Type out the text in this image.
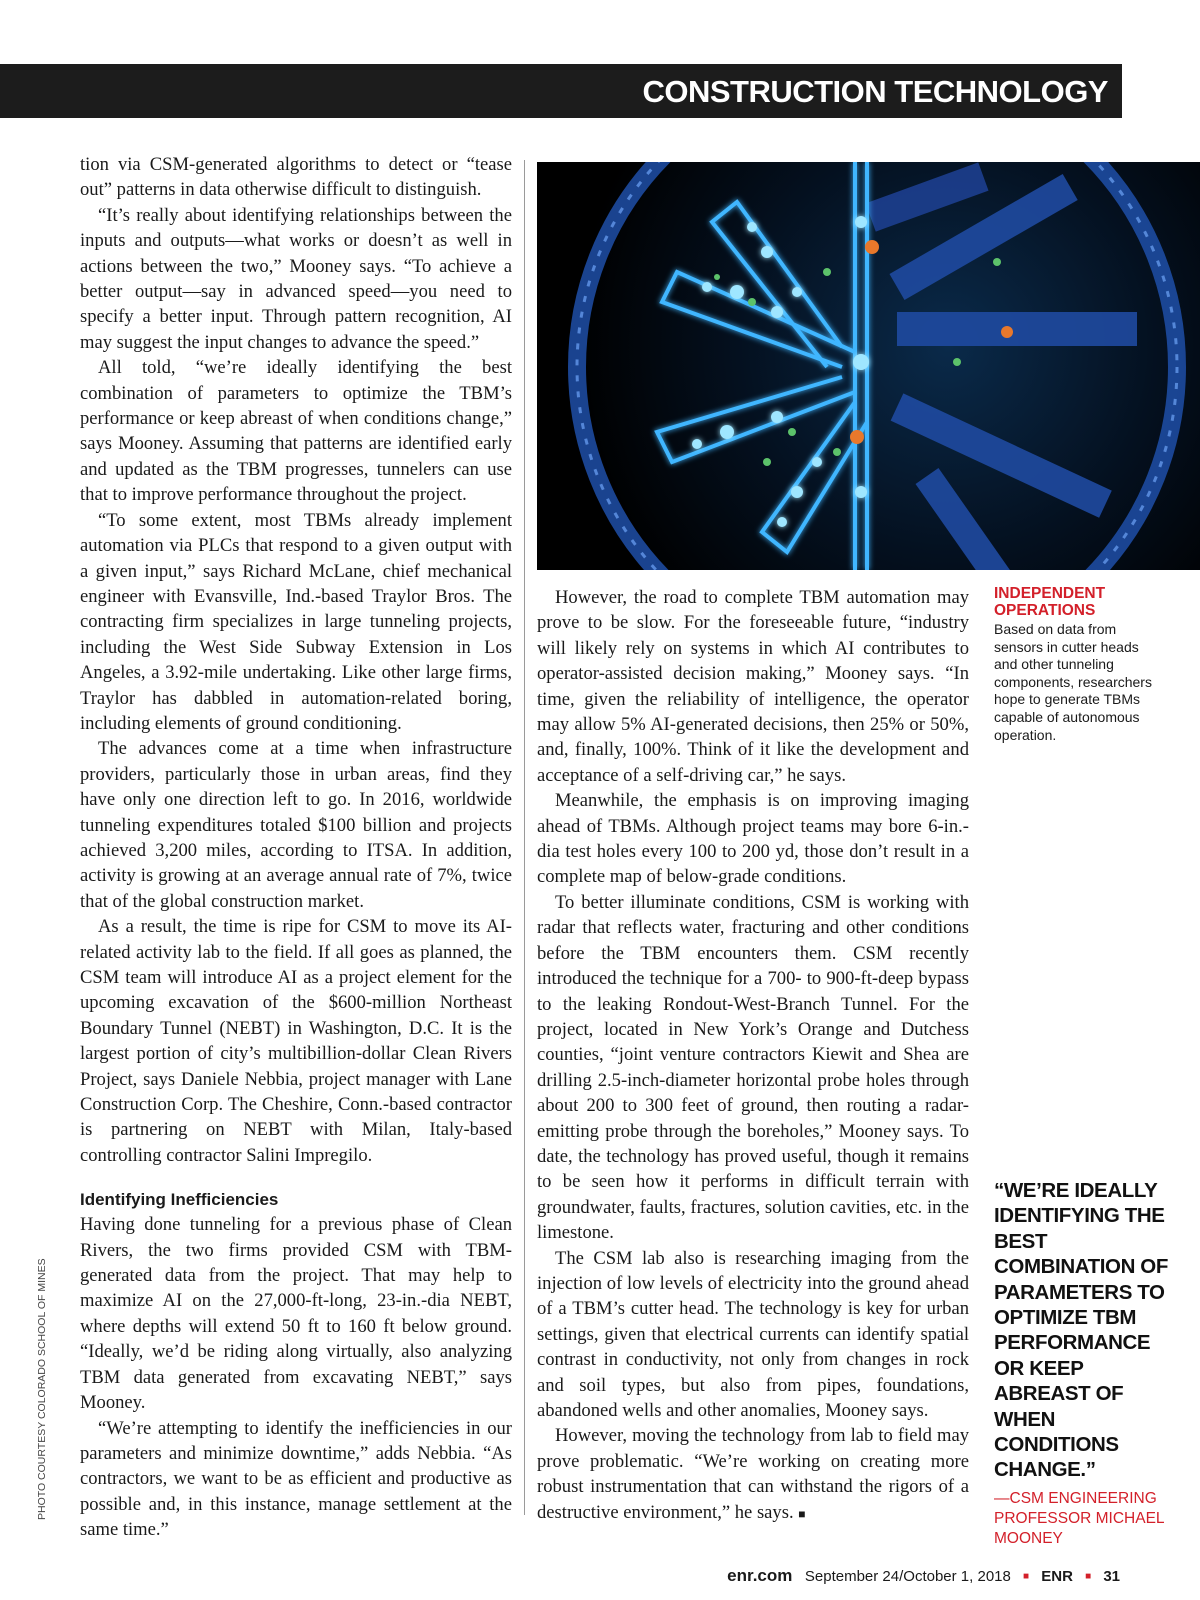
CONSTRUCTION TECHNOLOGY

tion via CSM-generated algorithms to detect or “tease out” patterns in data otherwise difficult to distinguish.

“It’s really about identifying relationships between the inputs and outputs—what works or doesn’t as well in actions between the two,” Mooney says. “To achieve a better output—say in advanced speed—you need to specify a better input. Through pattern recognition, AI may suggest the input changes to advance the speed.”

All told, “we’re ideally identifying the best combination of parameters to optimize the TBM’s performance or keep abreast of when conditions change,” says Mooney. Assuming that patterns are identified early and updated as the TBM progresses, tunnelers can use that to improve performance throughout the project.

“To some extent, most TBMs already implement automation via PLCs that respond to a given output with a given input,” says Richard McLane, chief mechanical engineer with Evansville, Ind.-based Traylor Bros. The contracting firm specializes in large tunneling projects, including the West Side Subway Extension in Los Angeles, a 3.92-mile undertaking. Like other large firms, Traylor has dabbled in automation-related boring, including elements of ground conditioning.

The advances come at a time when infrastructure providers, particularly those in urban areas, find they have only one direction left to go. In 2016, worldwide tunneling expenditures totaled $100 billion and projects achieved 3,200 miles, according to ITSA. In addition, activity is growing at an average annual rate of 7%, twice that of the global construction market.

As a result, the time is ripe for CSM to move its AI-related activity lab to the field. If all goes as planned, the CSM team will introduce AI as a project element for the upcoming excavation of the $600-million Northeast Boundary Tunnel (NEBT) in Washington, D.C. It is the largest portion of city’s multibillion-dollar Clean Rivers Project, says Daniele Nebbia, project manager with Lane Construction Corp. The Cheshire, Conn.-based contractor is partnering on NEBT with Milan, Italy-based controlling contractor Salini Impregilo.

Identifying Inefficiencies

Having done tunneling for a previous phase of Clean Rivers, the two firms provided CSM with TBM-generated data from the project. That may help to maximize AI on the 27,000-ft-long, 23-in.-dia NEBT, where depths will extend 50 ft to 160 ft below ground. “Ideally, we’d be riding along virtually, also analyzing TBM data generated from excavating NEBT,” says Mooney.

“We’re attempting to identify the inefficiencies in our parameters and minimize downtime,” adds Nebbia. “As contractors, we want to be as efficient and productive as possible and, in this instance, manage settlement at the same time.”

However, the road to complete TBM automation may prove to be slow. For the foreseeable future, “industry will likely rely on systems in which AI contributes to operator-assisted decision making,” Mooney says. “In time, given the reliability of intelligence, the operator may allow 5% AI-generated decisions, then 25% or 50%, and, finally, 100%. Think of it like the development and acceptance of a self-driving car,” he says.

Meanwhile, the emphasis is on improving imaging ahead of TBMs. Although project teams may bore 6-in.-dia test holes every 100 to 200 yd, those don’t result in a complete map of below-grade conditions.

To better illuminate conditions, CSM is working with radar that reflects water, fracturing and other conditions before the TBM encounters them. CSM recently introduced the technique for a 700- to 900-ft-deep bypass to the leaking Rondout-West-Branch Tunnel. For the project, located in New York’s Orange and Dutchess counties, “joint venture contractors Kiewit and Shea are drilling 2.5-inch-diameter horizontal probe holes through about 200 to 300 feet of ground, then routing a radar-emitting probe through the boreholes,” Mooney says. To date, the technology has proved useful, though it remains to be seen how it performs in difficult terrain with groundwater, faults, fractures, solution cavities, etc. in the limestone.

The CSM lab also is researching imaging from the injection of low levels of electricity into the ground ahead of a TBM’s cutter head. The technology is key for urban settings, given that electrical currents can identify spatial contrast in conductivity, not only from changes in rock and soil types, but also from pipes, foundations, abandoned wells and other anomalies, Mooney says.

However, moving the technology from lab to field may prove problematic. “We’re working on creating more robust instrumentation that can withstand the rigors of a destructive environment,” he says. ■

INDEPENDENT OPERATIONS

Based on data from sensors in cutter heads and other tunneling components, researchers hope to generate TBMs capable of autonomous operation.

“WE’RE IDEALLY IDENTIFYING THE BEST COMBINATION OF PARAMETERS TO OPTIMIZE TBM PERFORMANCE OR KEEP ABREAST OF WHEN CONDITIONS CHANGE.”

—CSM ENGINEERING PROFESSOR MICHAEL MOONEY

PHOTO COURTESY COLORADO SCHOOL OF MINES
enr.com September 24/October 1, 2018 ■ ENR ■ 31
